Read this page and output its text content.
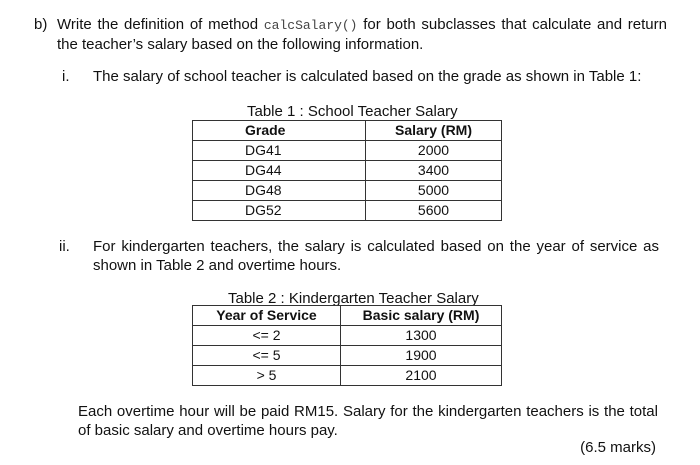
b) Write the definition of method calcSalary() for both subclasses that calculate and return the teacher’s salary based on the following information.
i. The salary of school teacher is calculated based on the grade as shown in Table 1:
Table 1 : School Teacher Salary
Grade	Salary (RM)
DG41	2000
DG44	3400
DG48	5000
DG52	5600
ii. For kindergarten teachers, the salary is calculated based on the year of service as shown in Table 2 and overtime hours.
Table 2 : Kindergarten Teacher Salary
Year of Service	Basic salary (RM)
<= 2	1300
<= 5	1900
> 5	2100
Each overtime hour will be paid RM15. Salary for the kindergarten teachers is the total of basic salary and overtime hours pay.
(6.5 marks)
